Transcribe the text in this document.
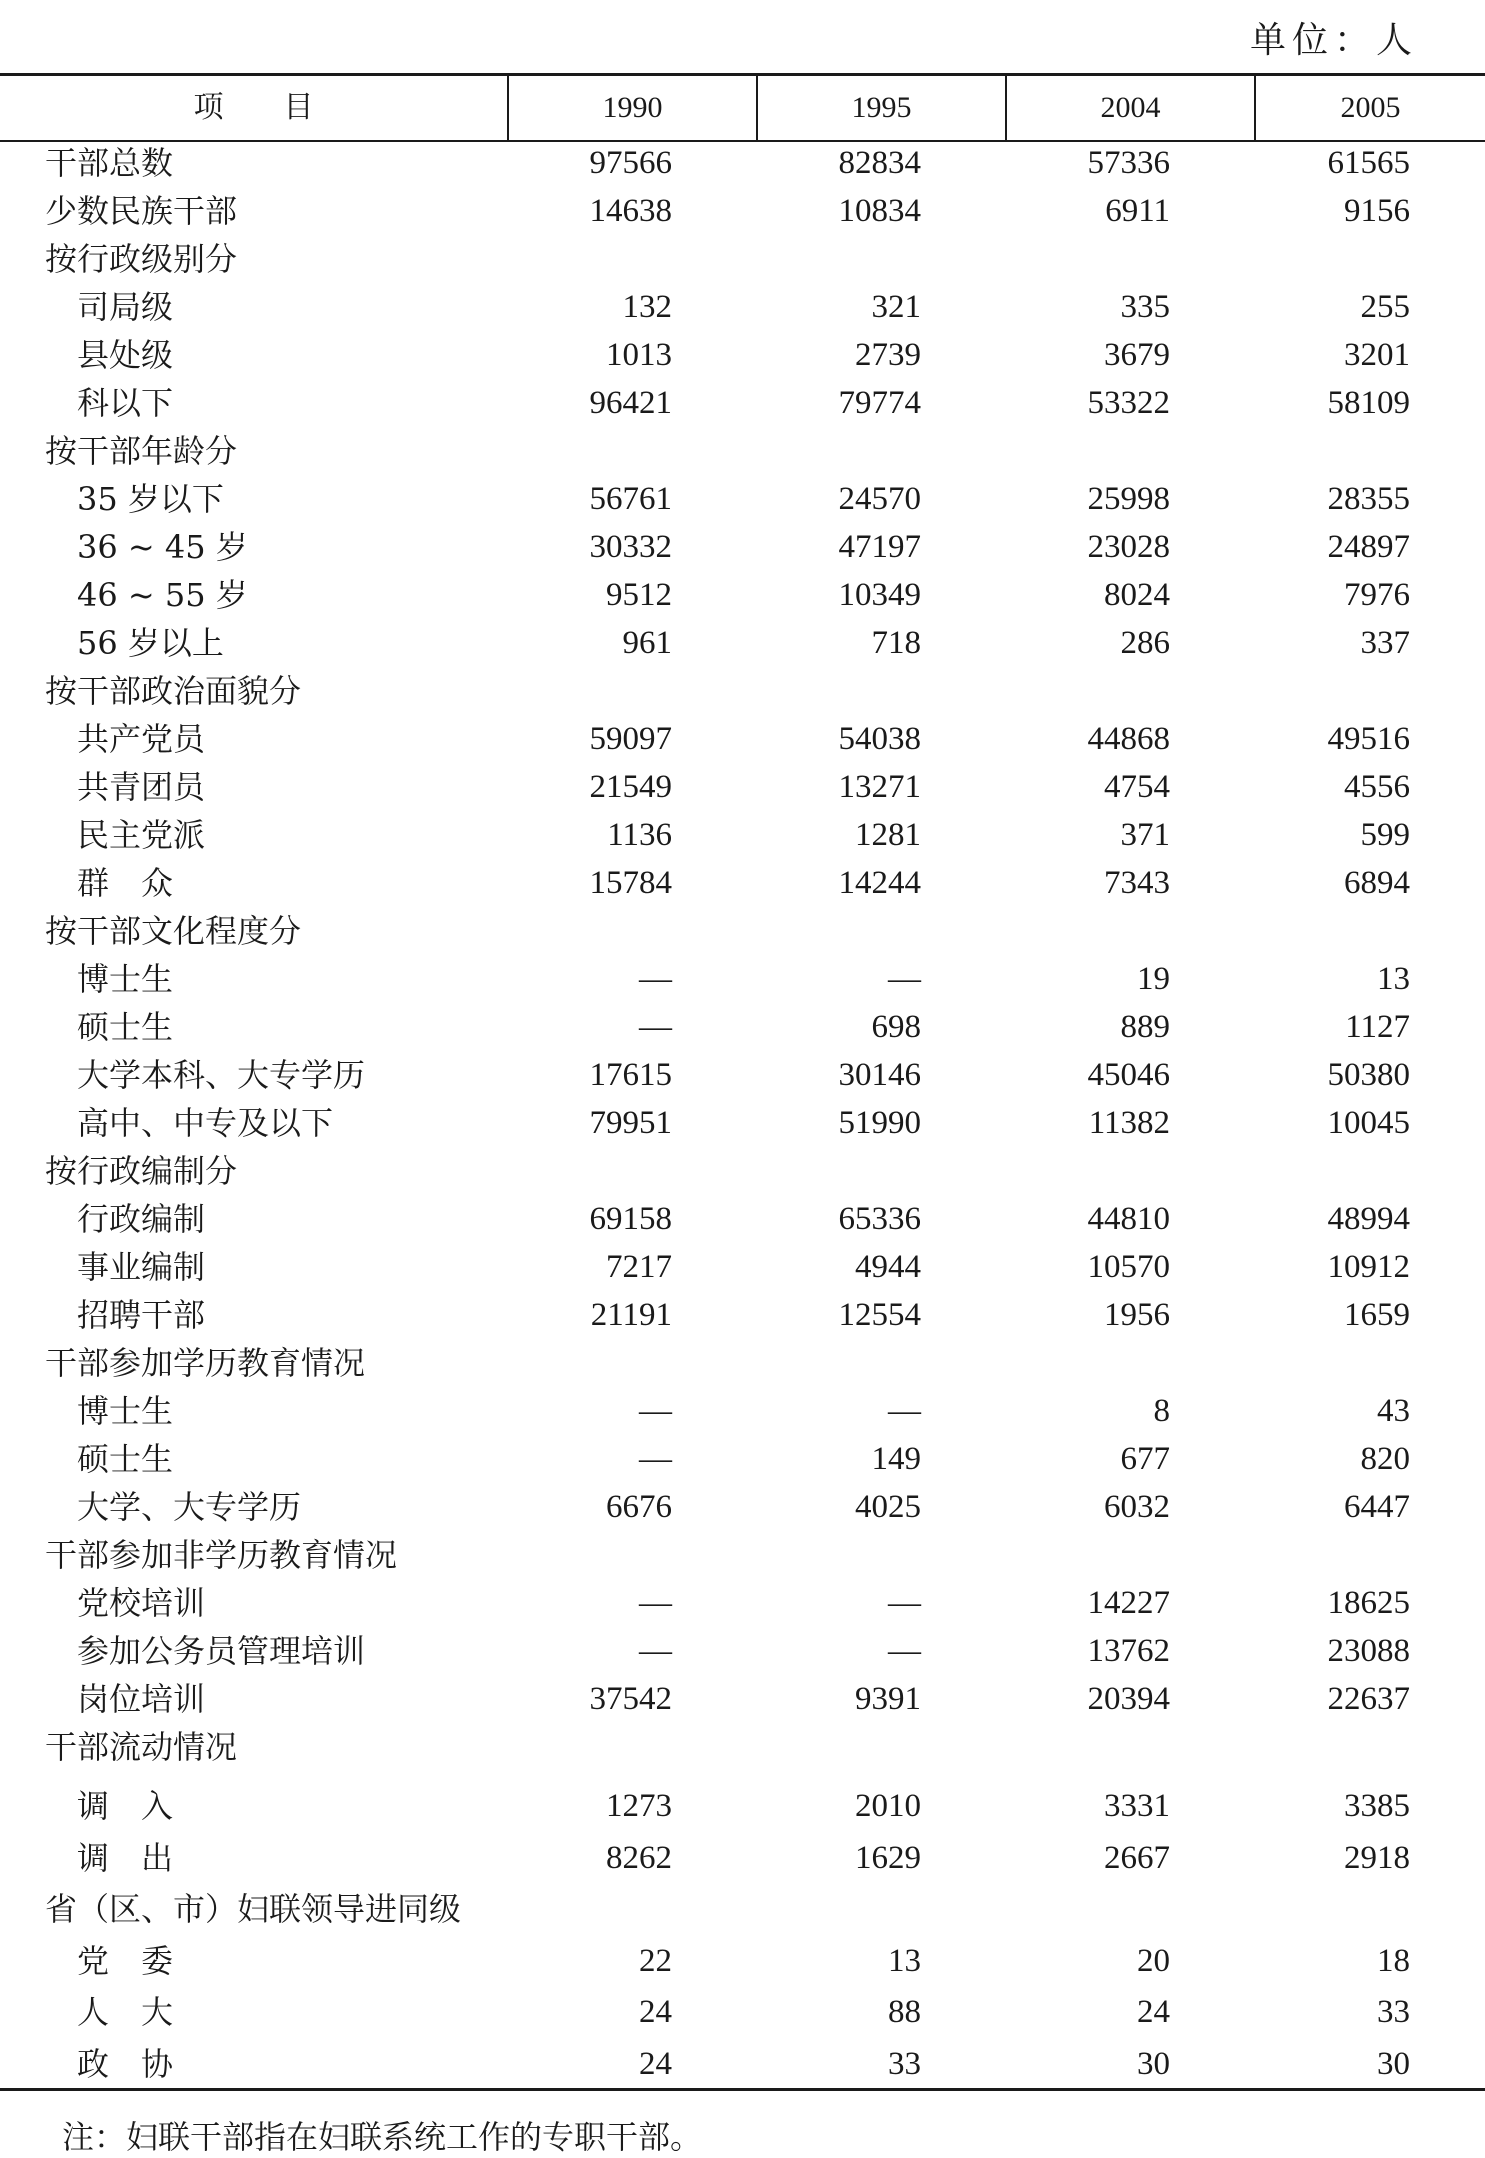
单位：人
项　　目	1990	1995	2004	2005
干部总数	97566	82834	57336	61565
少数民族干部	14638	10834	6911	9156
按行政级别分
司局级	132	321	335	255
县处级	1013	2739	3679	3201
科以下	96421	79774	53322	58109
按干部年龄分
35 岁以下	56761	24570	25998	28355
36 ~ 45 岁	30332	47197	23028	24897
46 ~ 55 岁	9512	10349	8024	7976
56 岁以上	961	718	286	337
按干部政治面貌分
共产党员	59097	54038	44868	49516
共青团员	21549	13271	4754	4556
民主党派	1136	1281	371	599
群　众	15784	14244	7343	6894
按干部文化程度分
博士生	—	—	19	13
硕士生	—	698	889	1127
大学本科、大专学历	17615	30146	45046	50380
高中、中专及以下	79951	51990	11382	10045
按行政编制分
行政编制	69158	65336	44810	48994
事业编制	7217	4944	10570	10912
招聘干部	21191	12554	1956	1659
干部参加学历教育情况
博士生	—	—	8	43
硕士生	—	149	677	820
大学、大专学历	6676	4025	6032	6447
干部参加非学历教育情况
党校培训	—	—	14227	18625
参加公务员管理培训	—	—	13762	23088
岗位培训	37542	9391	20394	22637
干部流动情况
调　入	1273	2010	3331	3385
调　出	8262	1629	2667	2918
省（区、市）妇联领导进同级
党　委	22	13	20	18
人　大	24	88	24	33
政　协	24	33	30	30
注：妇联干部指在妇联系统工作的专职干部。
